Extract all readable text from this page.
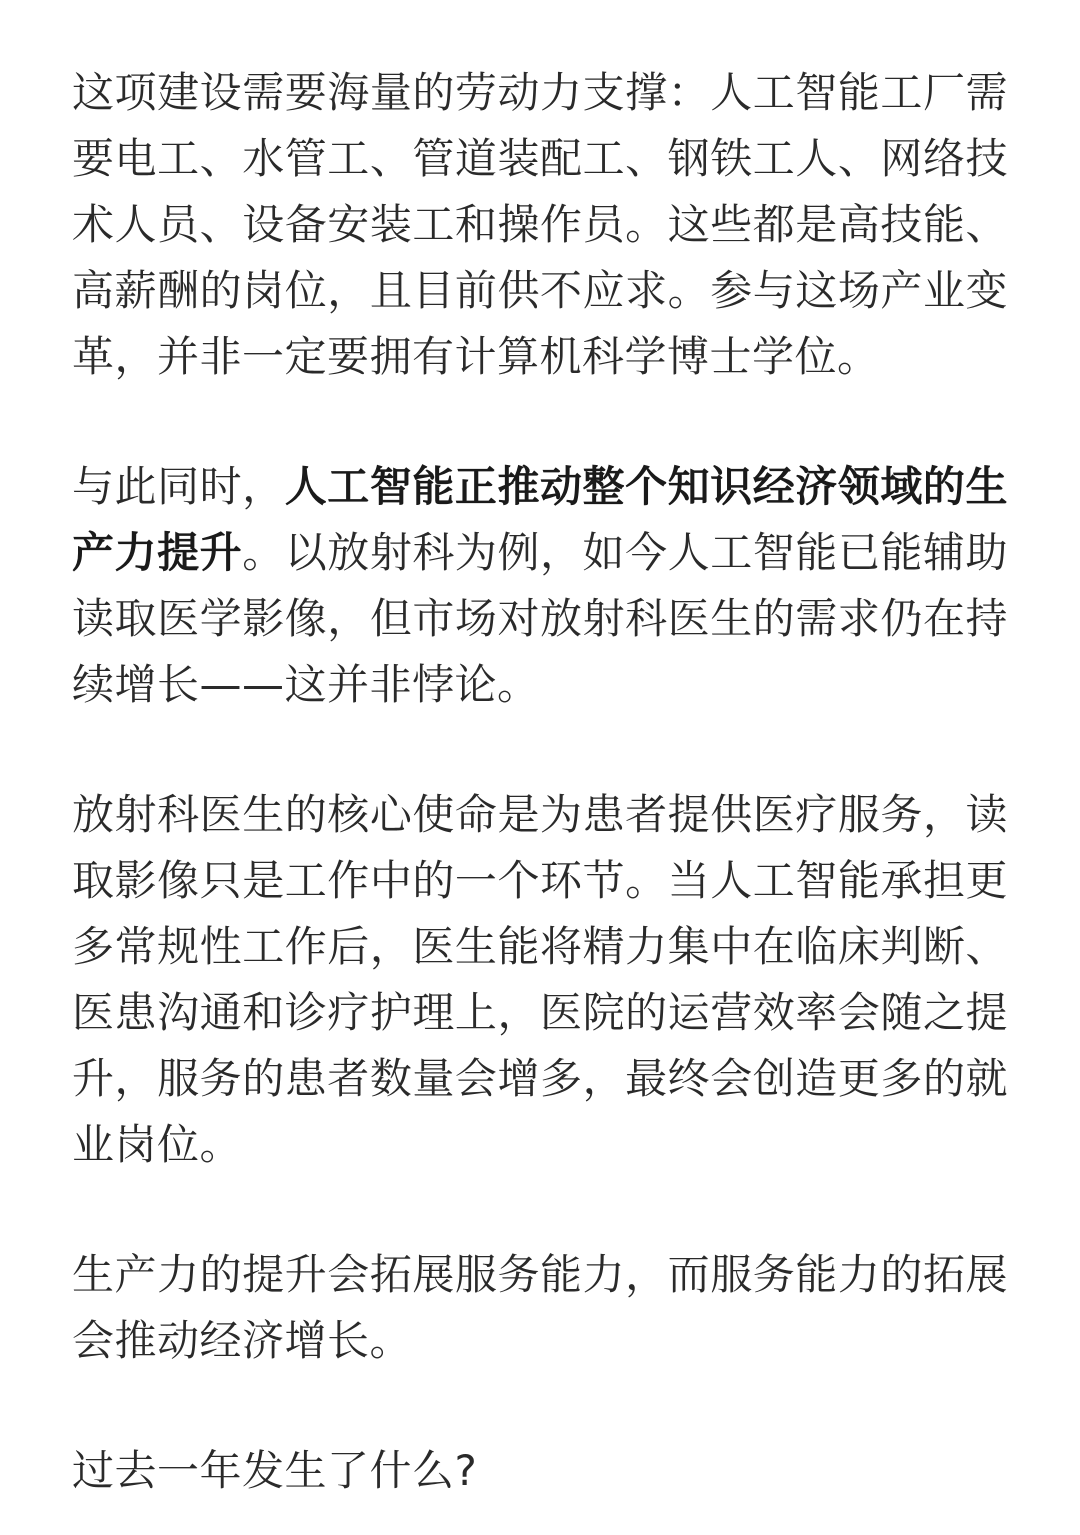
这项建设需要海量的劳动力支撑：人工智能工厂需要电工、水管工、管道装配工、钢铁工人、网络技术人员、设备安装工和操作员。这些都是高技能、高薪酬的岗位，且目前供不应求。参与这场产业变革，并非一定要拥有计算机科学博士学位。

与此同时，人工智能正推动整个知识经济领域的生产力提升。以放射科为例，如今人工智能已能辅助读取医学影像，但市场对放射科医生的需求仍在持续增长——这并非悖论。

放射科医生的核心使命是为患者提供医疗服务，读取影像只是工作中的一个环节。当人工智能承担更多常规性工作后，医生能将精力集中在临床判断、医患沟通和诊疗护理上，医院的运营效率会随之提升，服务的患者数量会增多，最终会创造更多的就业岗位。

生产力的提升会拓展服务能力，而服务能力的拓展会推动经济增长。

过去一年发生了什么?
